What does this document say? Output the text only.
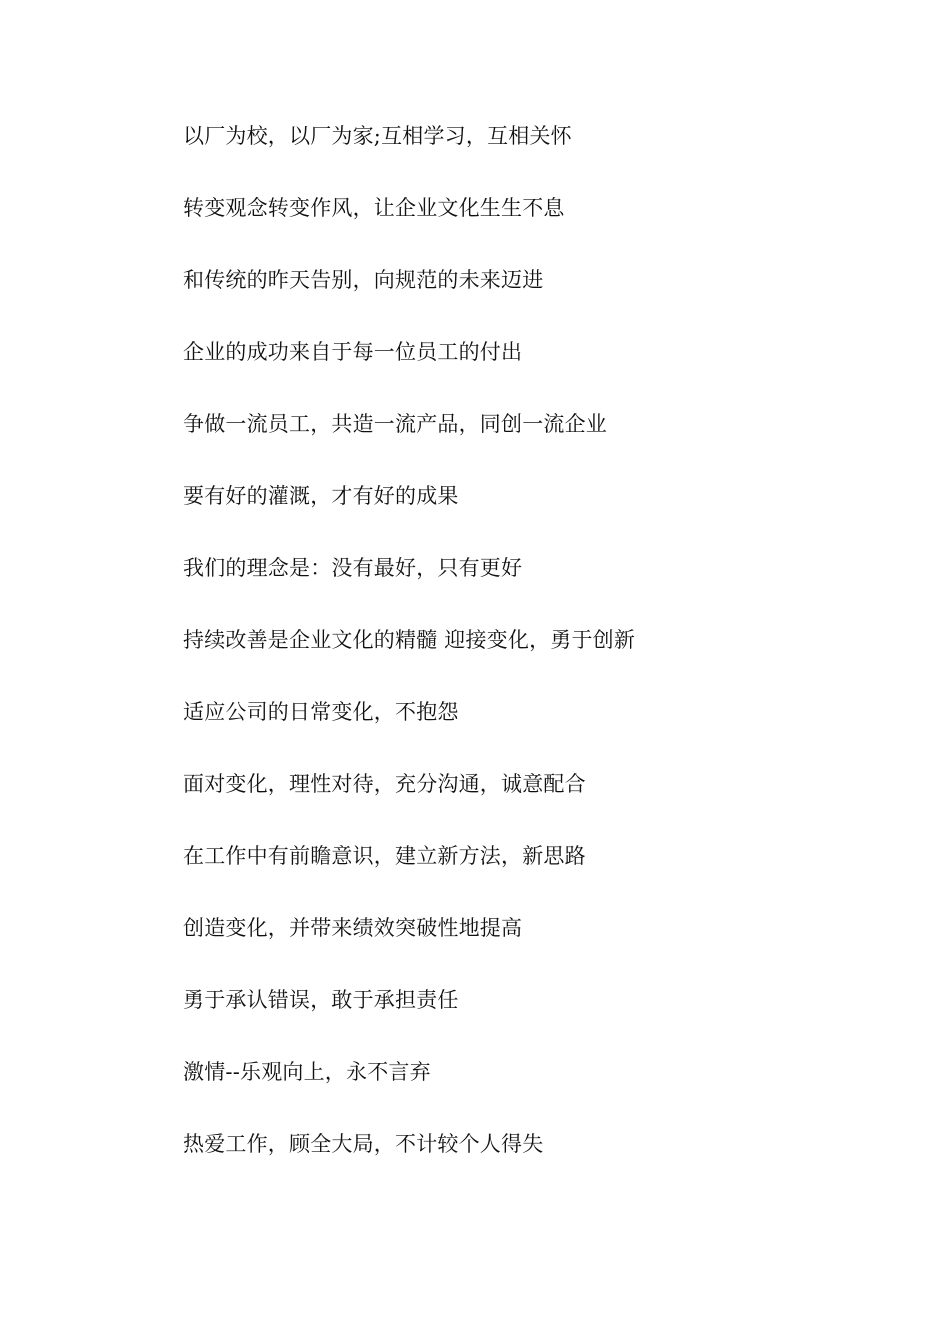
以厂为校，以厂为家;互相学习，互相关怀
转变观念转变作风，让企业文化生生不息
和传统的昨天告别，向规范的未来迈进
企业的成功来自于每一位员工的付出
争做一流员工，共造一流产品，同创一流企业
要有好的灌溉，才有好的成果
我们的理念是：没有最好，只有更好
持续改善是企业文化的精髓 迎接变化，勇于创新
适应公司的日常变化，不抱怨
面对变化，理性对待，充分沟通，诚意配合
在工作中有前瞻意识，建立新方法，新思路
创造变化，并带来绩效突破性地提高
勇于承认错误，敢于承担责任
激情--乐观向上，永不言弃
热爱工作，顾全大局，不计较个人得失
